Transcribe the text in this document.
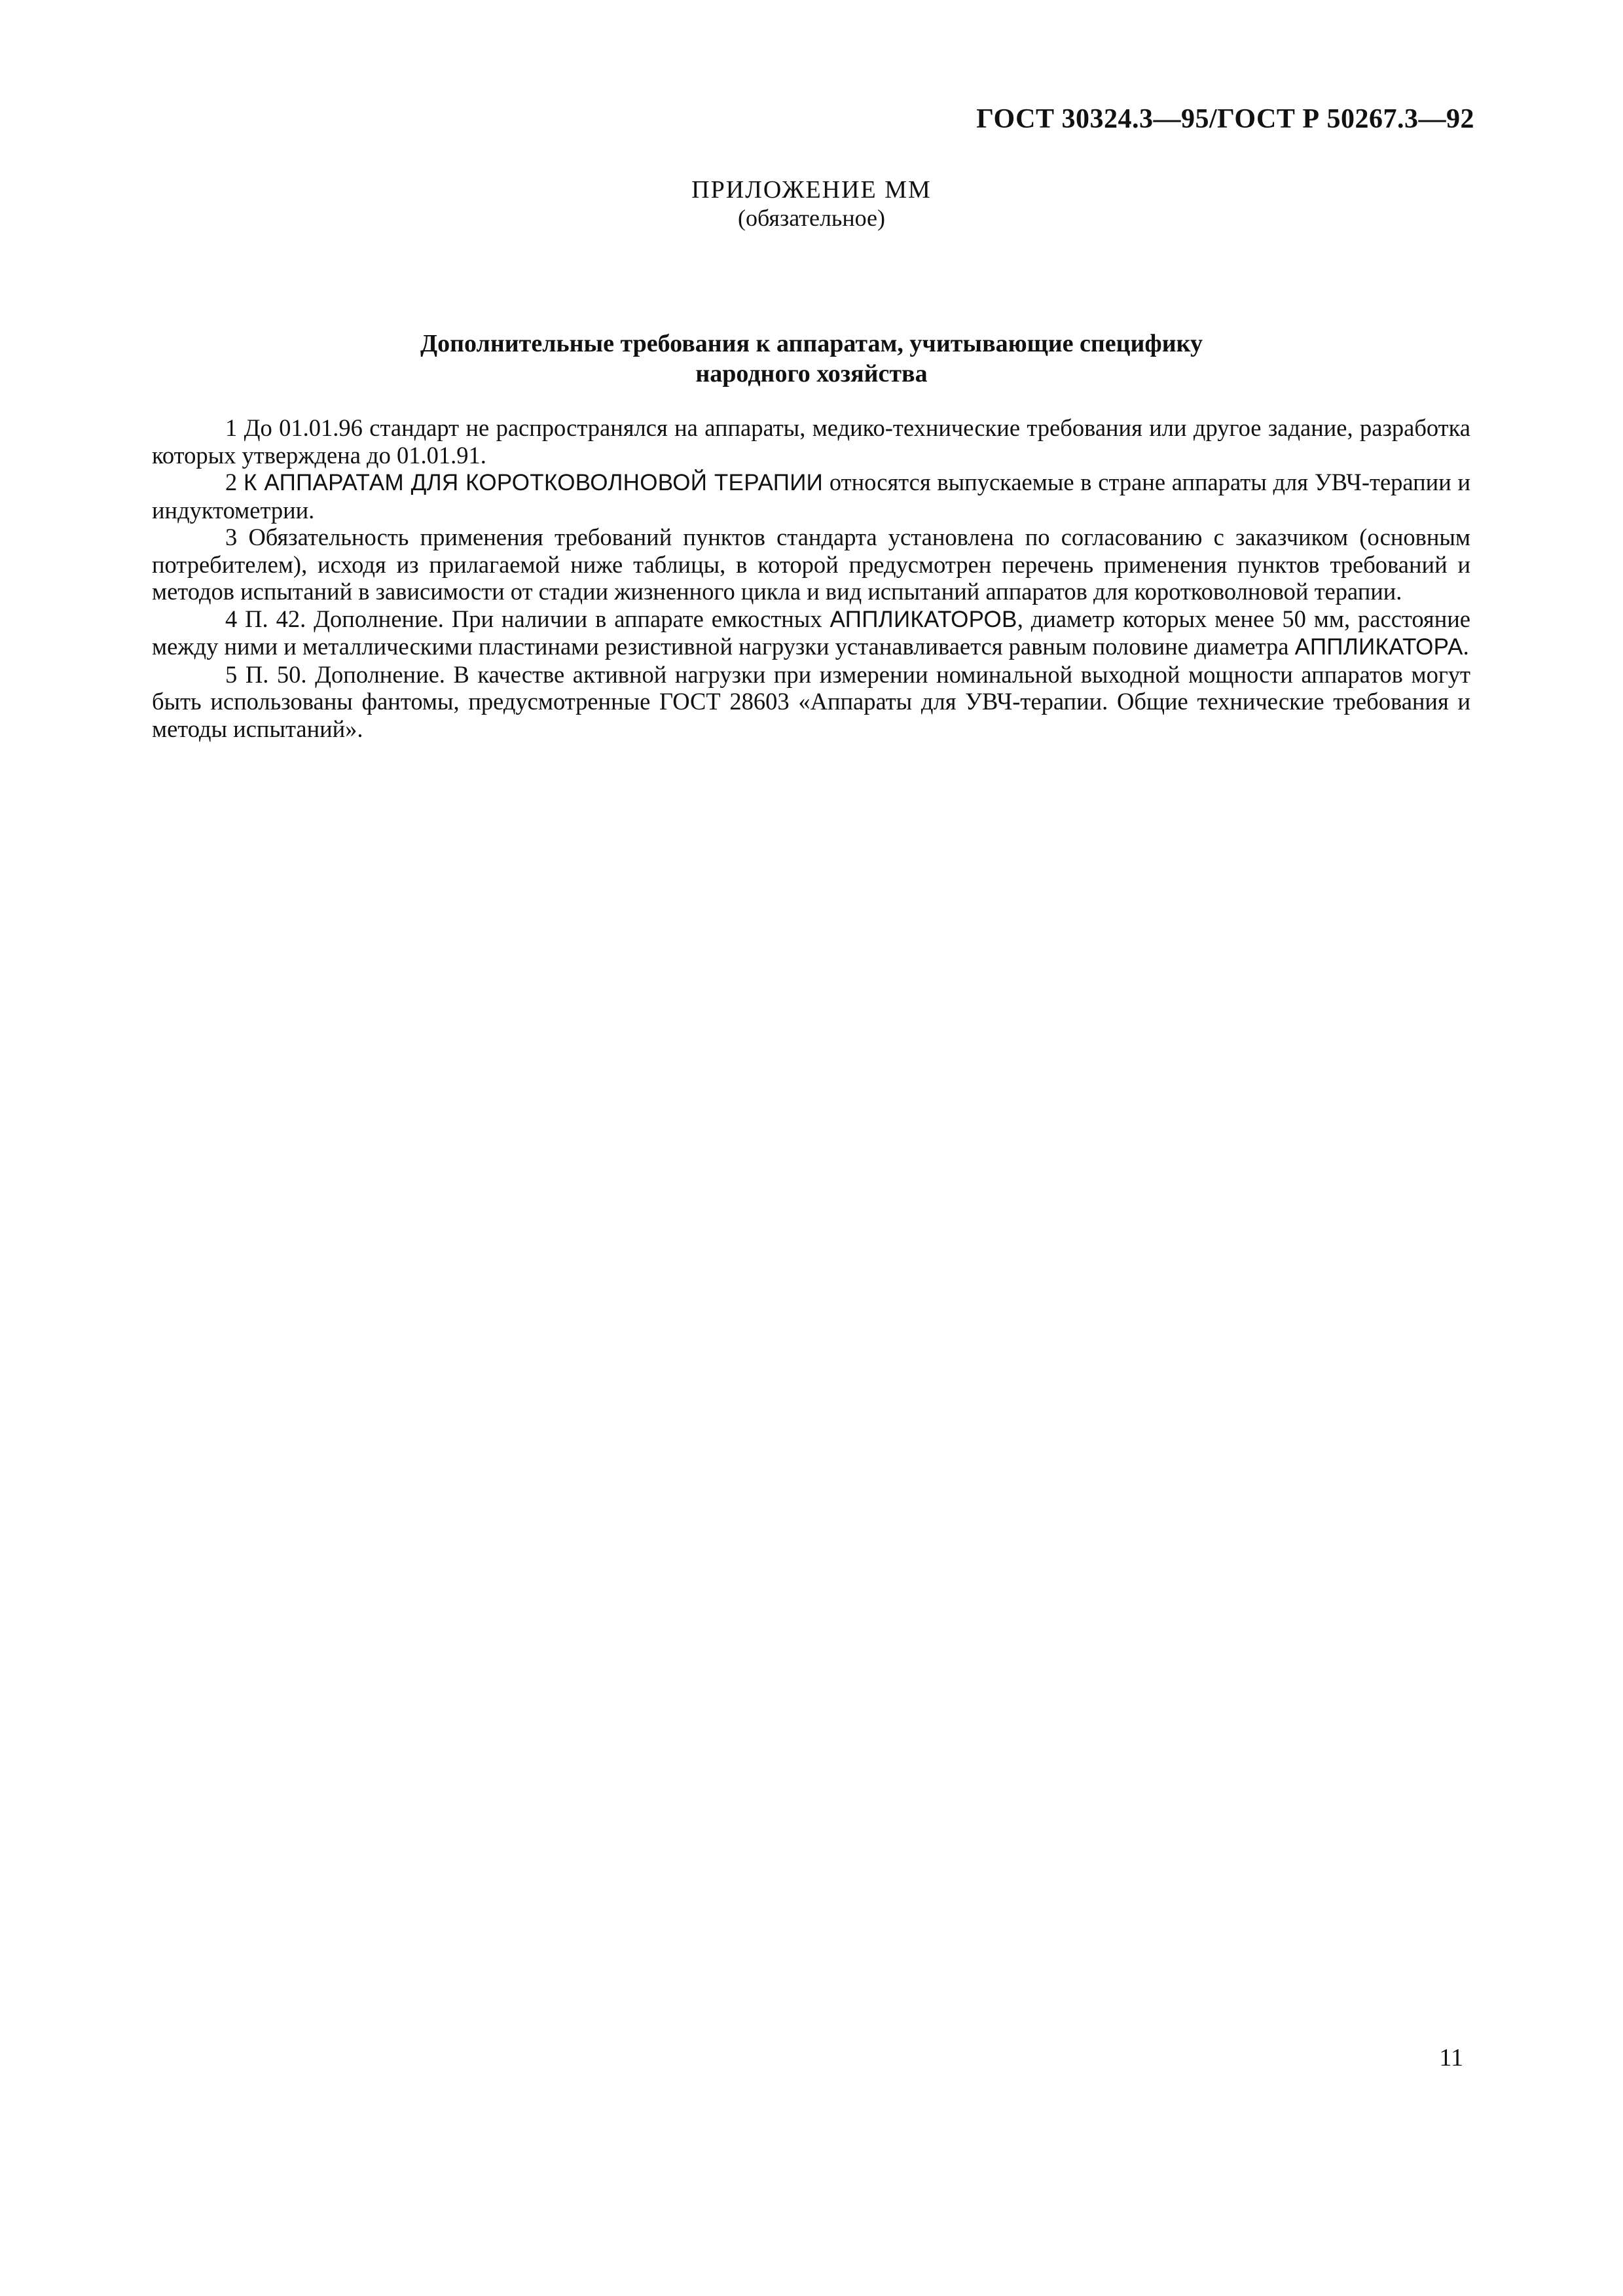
ГОСТ 30324.3—95/ГОСТ Р 50267.3—92
ПРИЛОЖЕНИЕ ММ
(обязательное)
Дополнительные требования к аппаратам, учитывающие специфику
народного хозяйства

1 До 01.01.96 стандарт не распространялся на аппараты, медико-технические требования или другое задание, разработка которых утверждена до 01.01.91.

2 К АППАРАТАМ ДЛЯ КОРОТКОВОЛНОВОЙ ТЕРАПИИ относятся выпускаемые в стране аппараты для УВЧ-терапии и индуктометрии.

3 Обязательность применения требований пунктов стандарта установлена по согласованию с заказчиком (основным потребителем), исходя из прилагаемой ниже таблицы, в которой предусмотрен перечень применения пунктов требований и методов испытаний в зависимости от стадии жизненного цикла и вид испытаний аппаратов для коротковолновой терапии.

4 П. 42. Дополнение. При наличии в аппарате емкостных АППЛИКАТОРОВ, диаметр которых менее 50 мм, расстояние между ними и металлическими пластинами резистивной нагрузки устанавливается равным половине диаметра АППЛИКАТОРА.

5 П. 50. Дополнение. В качестве активной нагрузки при измерении номинальной выходной мощности аппаратов могут быть использованы фантомы, предусмотренные ГОСТ 28603 «Аппараты для УВЧ-терапии. Общие технические требования и методы испытаний».

11
